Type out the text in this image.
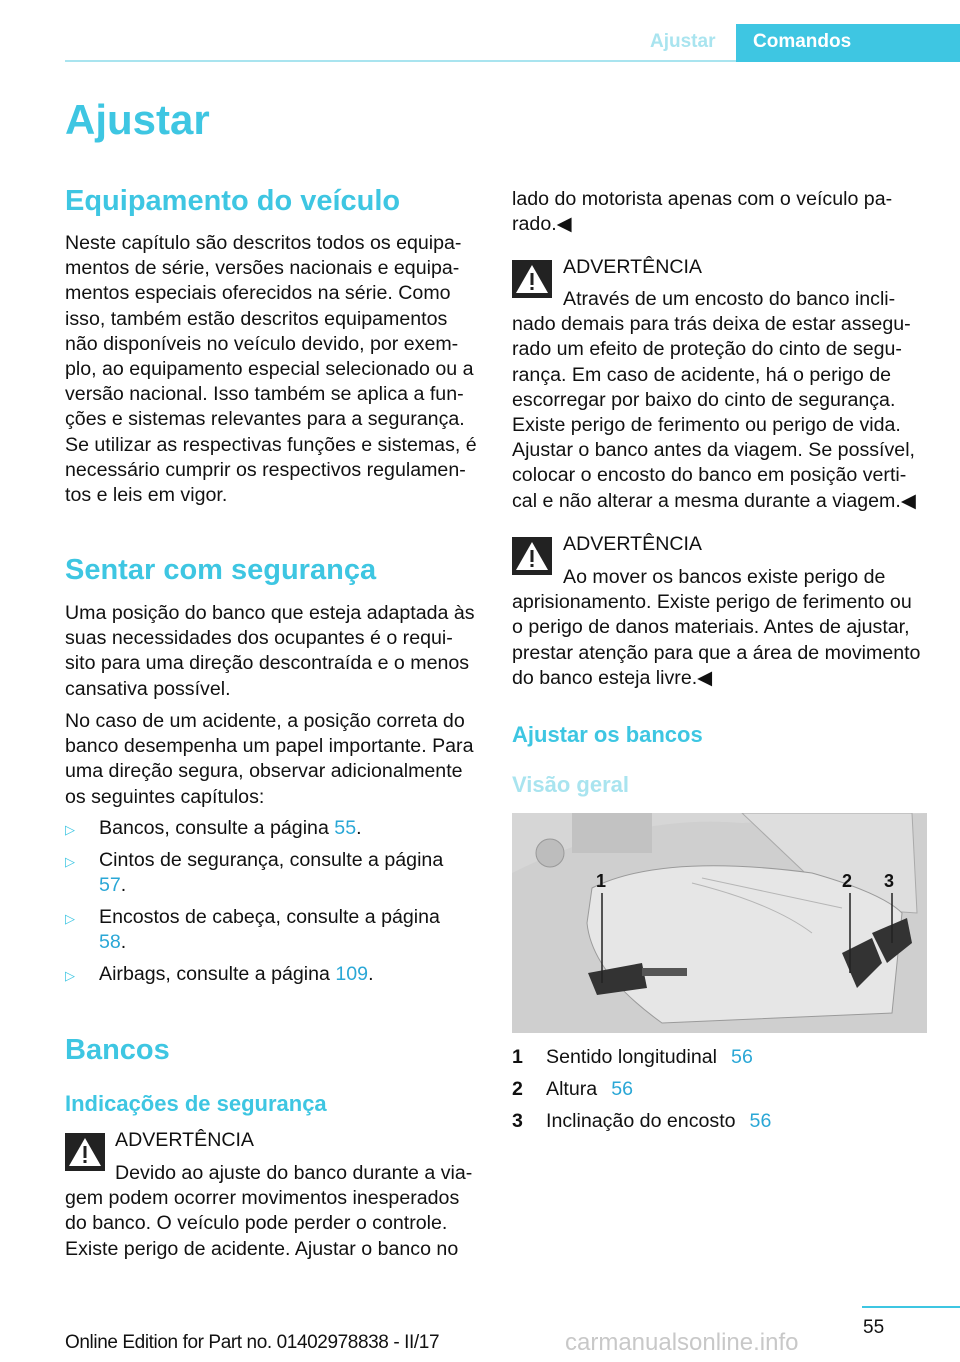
Ajustar Comandos
Ajustar
Equipamento do veículo
Neste capítulo são descritos todos os equipa-
mentos de série, versões nacionais e equipa-
mentos especiais oferecidos na série. Como
isso, também estão descritos equipamentos
não disponíveis no veículo devido, por exem-
plo, ao equipamento especial selecionado ou a
versão nacional. Isso também se aplica a fun-
ções e sistemas relevantes para a segurança.
Se utilizar as respectivas funções e sistemas, é
necessário cumprir os respectivos regulamen-
tos e leis em vigor.
Sentar com segurança
Uma posição do banco que esteja adaptada às
suas necessidades dos ocupantes é o requi-
sito para uma direção descontraída e o menos
cansativa possível.
No caso de um acidente, a posição correta do
banco desempenha um papel importante. Para
uma direção segura, observar adicionalmente
os seguintes capítulos:
▷ Bancos, consulte a página 55.
▷ Cintos de segurança, consulte a página
57.
▷ Encostos de cabeça, consulte a página
58.
▷ Airbags, consulte a página 109.
Bancos
Indicações de segurança
ADVERTÊNCIA
Devido ao ajuste do banco durante a via-
gem podem ocorrer movimentos inesperados
do banco. O veículo pode perder o controle.
Existe perigo de acidente. Ajustar o banco no
lado do motorista apenas com o veículo pa-
rado.◀
ADVERTÊNCIA
Através de um encosto do banco incli-
nado demais para trás deixa de estar assegu-
rado um efeito de proteção do cinto de segu-
rança. Em caso de acidente, há o perigo de
escorregar por baixo do cinto de segurança.
Existe perigo de ferimento ou perigo de vida.
Ajustar o banco antes da viagem. Se possível,
colocar o encosto do banco em posição verti-
cal e não alterar a mesma durante a viagem.◀
ADVERTÊNCIA
Ao mover os bancos existe perigo de
aprisionamento. Existe perigo de ferimento ou
o perigo de danos materiais. Antes de ajustar,
prestar atenção para que a área de movimento
do banco esteja livre.◀
Ajustar os bancos
Visão geral
1	2 3
1 Sentido longitudinal 56
2 Altura 56
3 Inclinação do encosto 56
55
Online Edition for Part no. 01402978838 - II/17	carmanualsonline.info
